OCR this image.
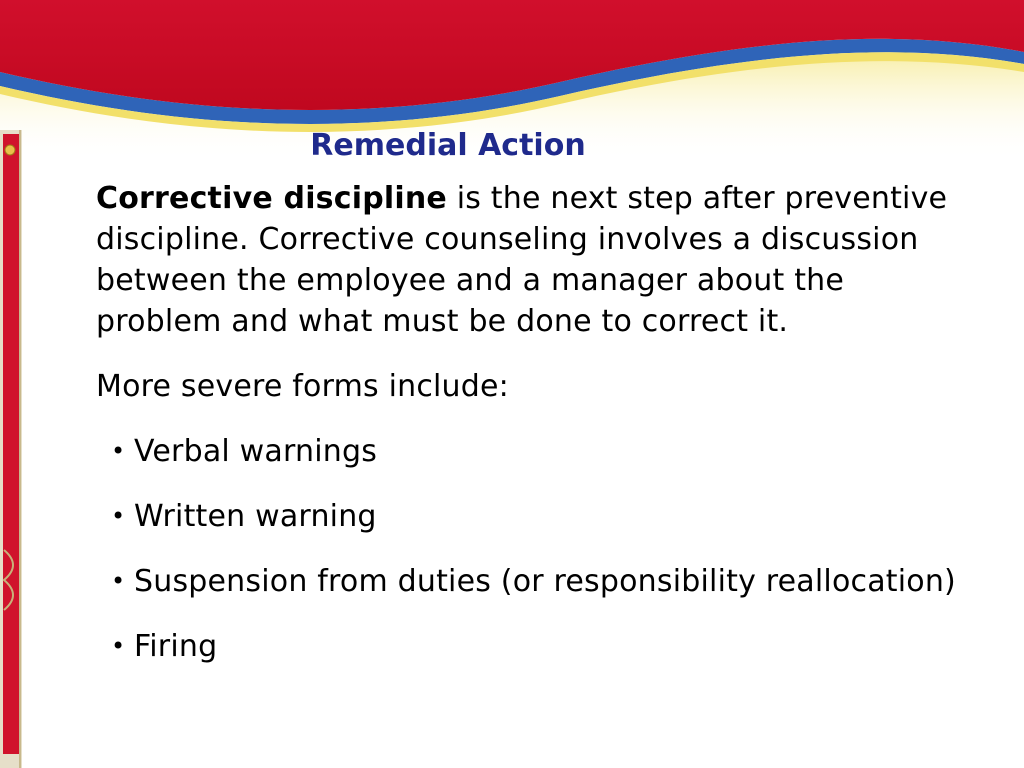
Remedial Action

Corrective discipline is the next step after preventive discipline. Corrective counseling involves a discussion between the employee and a manager about the problem and what must be done to correct it.

More severe forms include:

• Verbal warnings
• Written warning
• Suspension from duties (or responsibility reallocation)
• Firing
